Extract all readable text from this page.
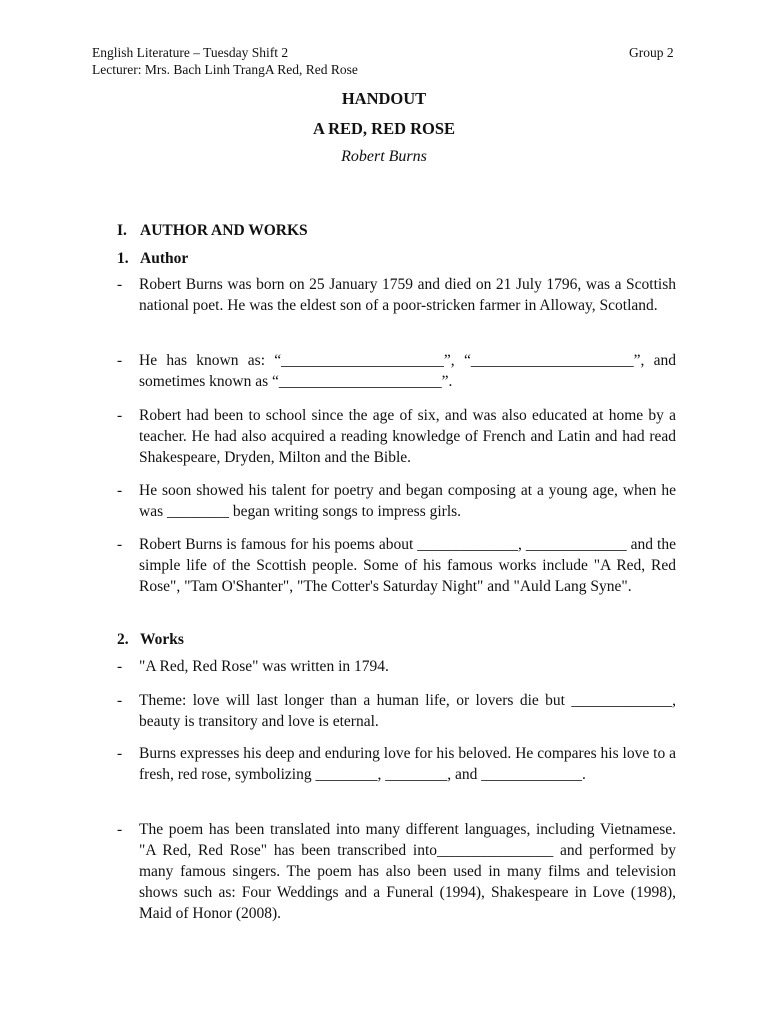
English Literature – Tuesday Shift 2	Group 2
Lecturer: Mrs. Bach Linh TrangA Red, Red Rose
HANDOUT
A RED, RED ROSE
Robert Burns
I. AUTHOR AND WORKS
1. Author
- Robert Burns was born on 25 January 1759 and died on 21 July 1796, was a Scottish national poet. He was the eldest son of a poor-stricken farmer in Alloway, Scotland.
- He has known as: “_____________________”, “_____________________”, and sometimes known as “_____________________”.
- Robert had been to school since the age of six, and was also educated at home by a teacher. He had also acquired a reading knowledge of French and Latin and had read Shakespeare, Dryden, Milton and the Bible.
- He soon showed his talent for poetry and began composing at a young age, when he was ________ began writing songs to impress girls.
- Robert Burns is famous for his poems about _____________, _____________ and the simple life of the Scottish people. Some of his famous works include "A Red, Red Rose", "Tam O'Shanter", "The Cotter's Saturday Night" and "Auld Lang Syne".
2. Works
- "A Red, Red Rose" was written in 1794.
- Theme: love will last longer than a human life, or lovers die but _____________, beauty is transitory and love is eternal.
- Burns expresses his deep and enduring love for his beloved. He compares his love to a fresh, red rose, symbolizing ________, ________, and _____________.
- The poem has been translated into many different languages, including Vietnamese. "A Red, Red Rose" has been transcribed into_______________ and performed by many famous singers. The poem has also been used in many films and television shows such as: Four Weddings and a Funeral (1994), Shakespeare in Love (1998), Maid of Honor (2008).
